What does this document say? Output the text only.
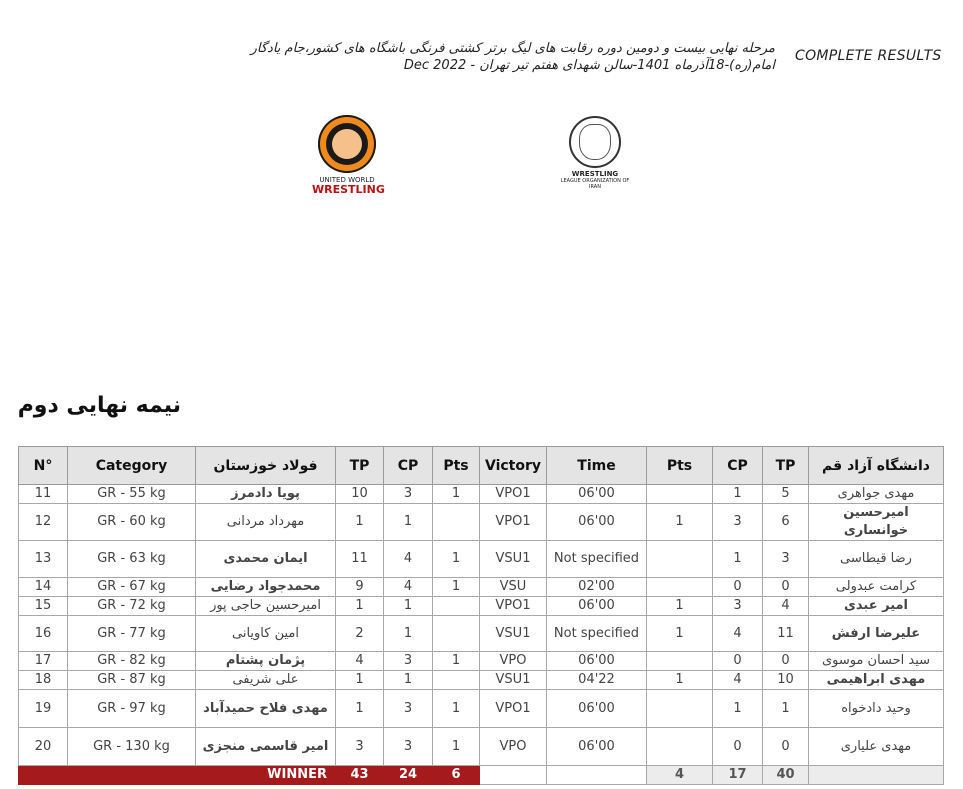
COMPLETE RESULTS
مرحله نهایی بیست و دومین دوره رقابت های لیگ برتر کشتی فرنگی باشگاه های کشور،جام یادگار
امام(ره)-18آذرماه 1401-سالن شهدای هفتم تیر تهران - Dec 2022
UNITED WORLD
WRESTLING
WRESTLING
LEAGUE ORGANIZATION OF
IRAN
نیمه نهایی دوم
N°	Category	فولاد خوزستان	TP	CP	Pts	Victory	Time	Pts	CP	TP	دانشگاه آزاد قم
11	GR - 55 kg	پویا دادمرز	10	3	1	VPO1	06'00		1	5	مهدی جواهری
12	GR - 60 kg	مهرداد مردانی	1	1		VPO1	06'00	1	3	6	امیرحسین خوانساری
13	GR - 63 kg	ایمان محمدی	11	4	1	VSU1	Not specified		1	3	رضا قیطاسی
14	GR - 67 kg	محمدجواد رضایی	9	4	1	VSU	02'00		0	0	کرامت عبدولی
15	GR - 72 kg	امیرحسین حاجی پور	1	1		VPO1	06'00	1	3	4	امیر عبدی
16	GR - 77 kg	امین کاویانی	2	1		VSU1	Not specified	1	4	11	علیرضا ارفش
17	GR - 82 kg	پژمان پشتام	4	3	1	VPO	06'00		0	0	سید احسان موسوی
18	GR - 87 kg	علی شریفی	1	1		VSU1	04'22	1	4	10	مهدی ابراهیمی
19	GR - 97 kg	مهدی فلاح حمیدآباد	1	3	1	VPO1	06'00		1	1	وحید دادخواه
20	GR - 130 kg	امیر قاسمی منجزی	3	3	1	VPO	06'00		0	0	مهدی علیاری
WINNER			43	24	6			4	17	40	
